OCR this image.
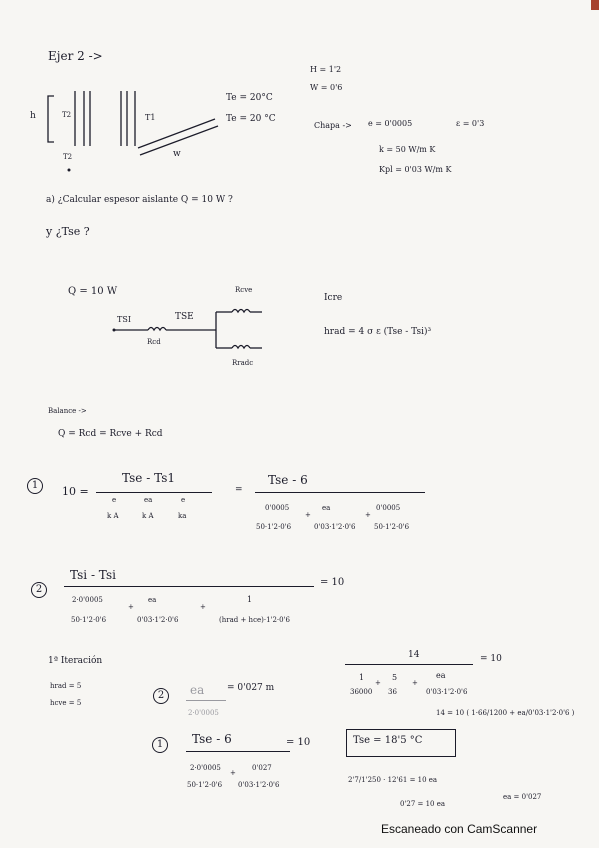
Ejer 2 ->
h	T2
T2
T1
w
Te = 20°C
Te = 20 °C
H = 1'2
W = 0'6
Chapa -> e = 0'0005	ε = 0'3
k = 50 W/m K
Kpl = 0'03 W/m K
a) ¿Calcular espesor aislante Q = 10 W ?
y ¿Tse ?
Q = 10 W
TSI	TSE
Rcd
Rcve
Rradc
Icre
hrad = 4 σ ε (Tse - Tsi)³
Balance ->
Q = Rcd = Rcve + Rcd
1	10 =
Tse - Ts1
e
k A
ea
k A
e
ka
=
Tse - 6
0'0005
50·1'2·0'6
+
ea
0'03·1'2·0'6
+
0'0005
50·1'2·0'6
2
Tsi - Tsi
2·0'0005
50·1'2·0'6
+
ea
0'03·1'2·0'6
+
1
(hrad + hce)·1'2·0'6
= 10
1ª Iteración
hrad = 5
hcve = 5
2	ea	= 0'027 m
2·0'0005
1	Tse - 6	= 10
2·0'0005
50·1'2·0'6
+
0'027
0'03·1'2·0'6
14	= 10
1
36000
+
5
36
+
ea
0'03·1'2·0'6
14 = 10 ( 1·66/1200 + ea/0'03·1'2·0'6 )
Tse = 18'5 °C
2'7/1'250 · 12'61 = 10 ea
0'27 = 10 ea
ea = 0'027
Escaneado con CamScanner
